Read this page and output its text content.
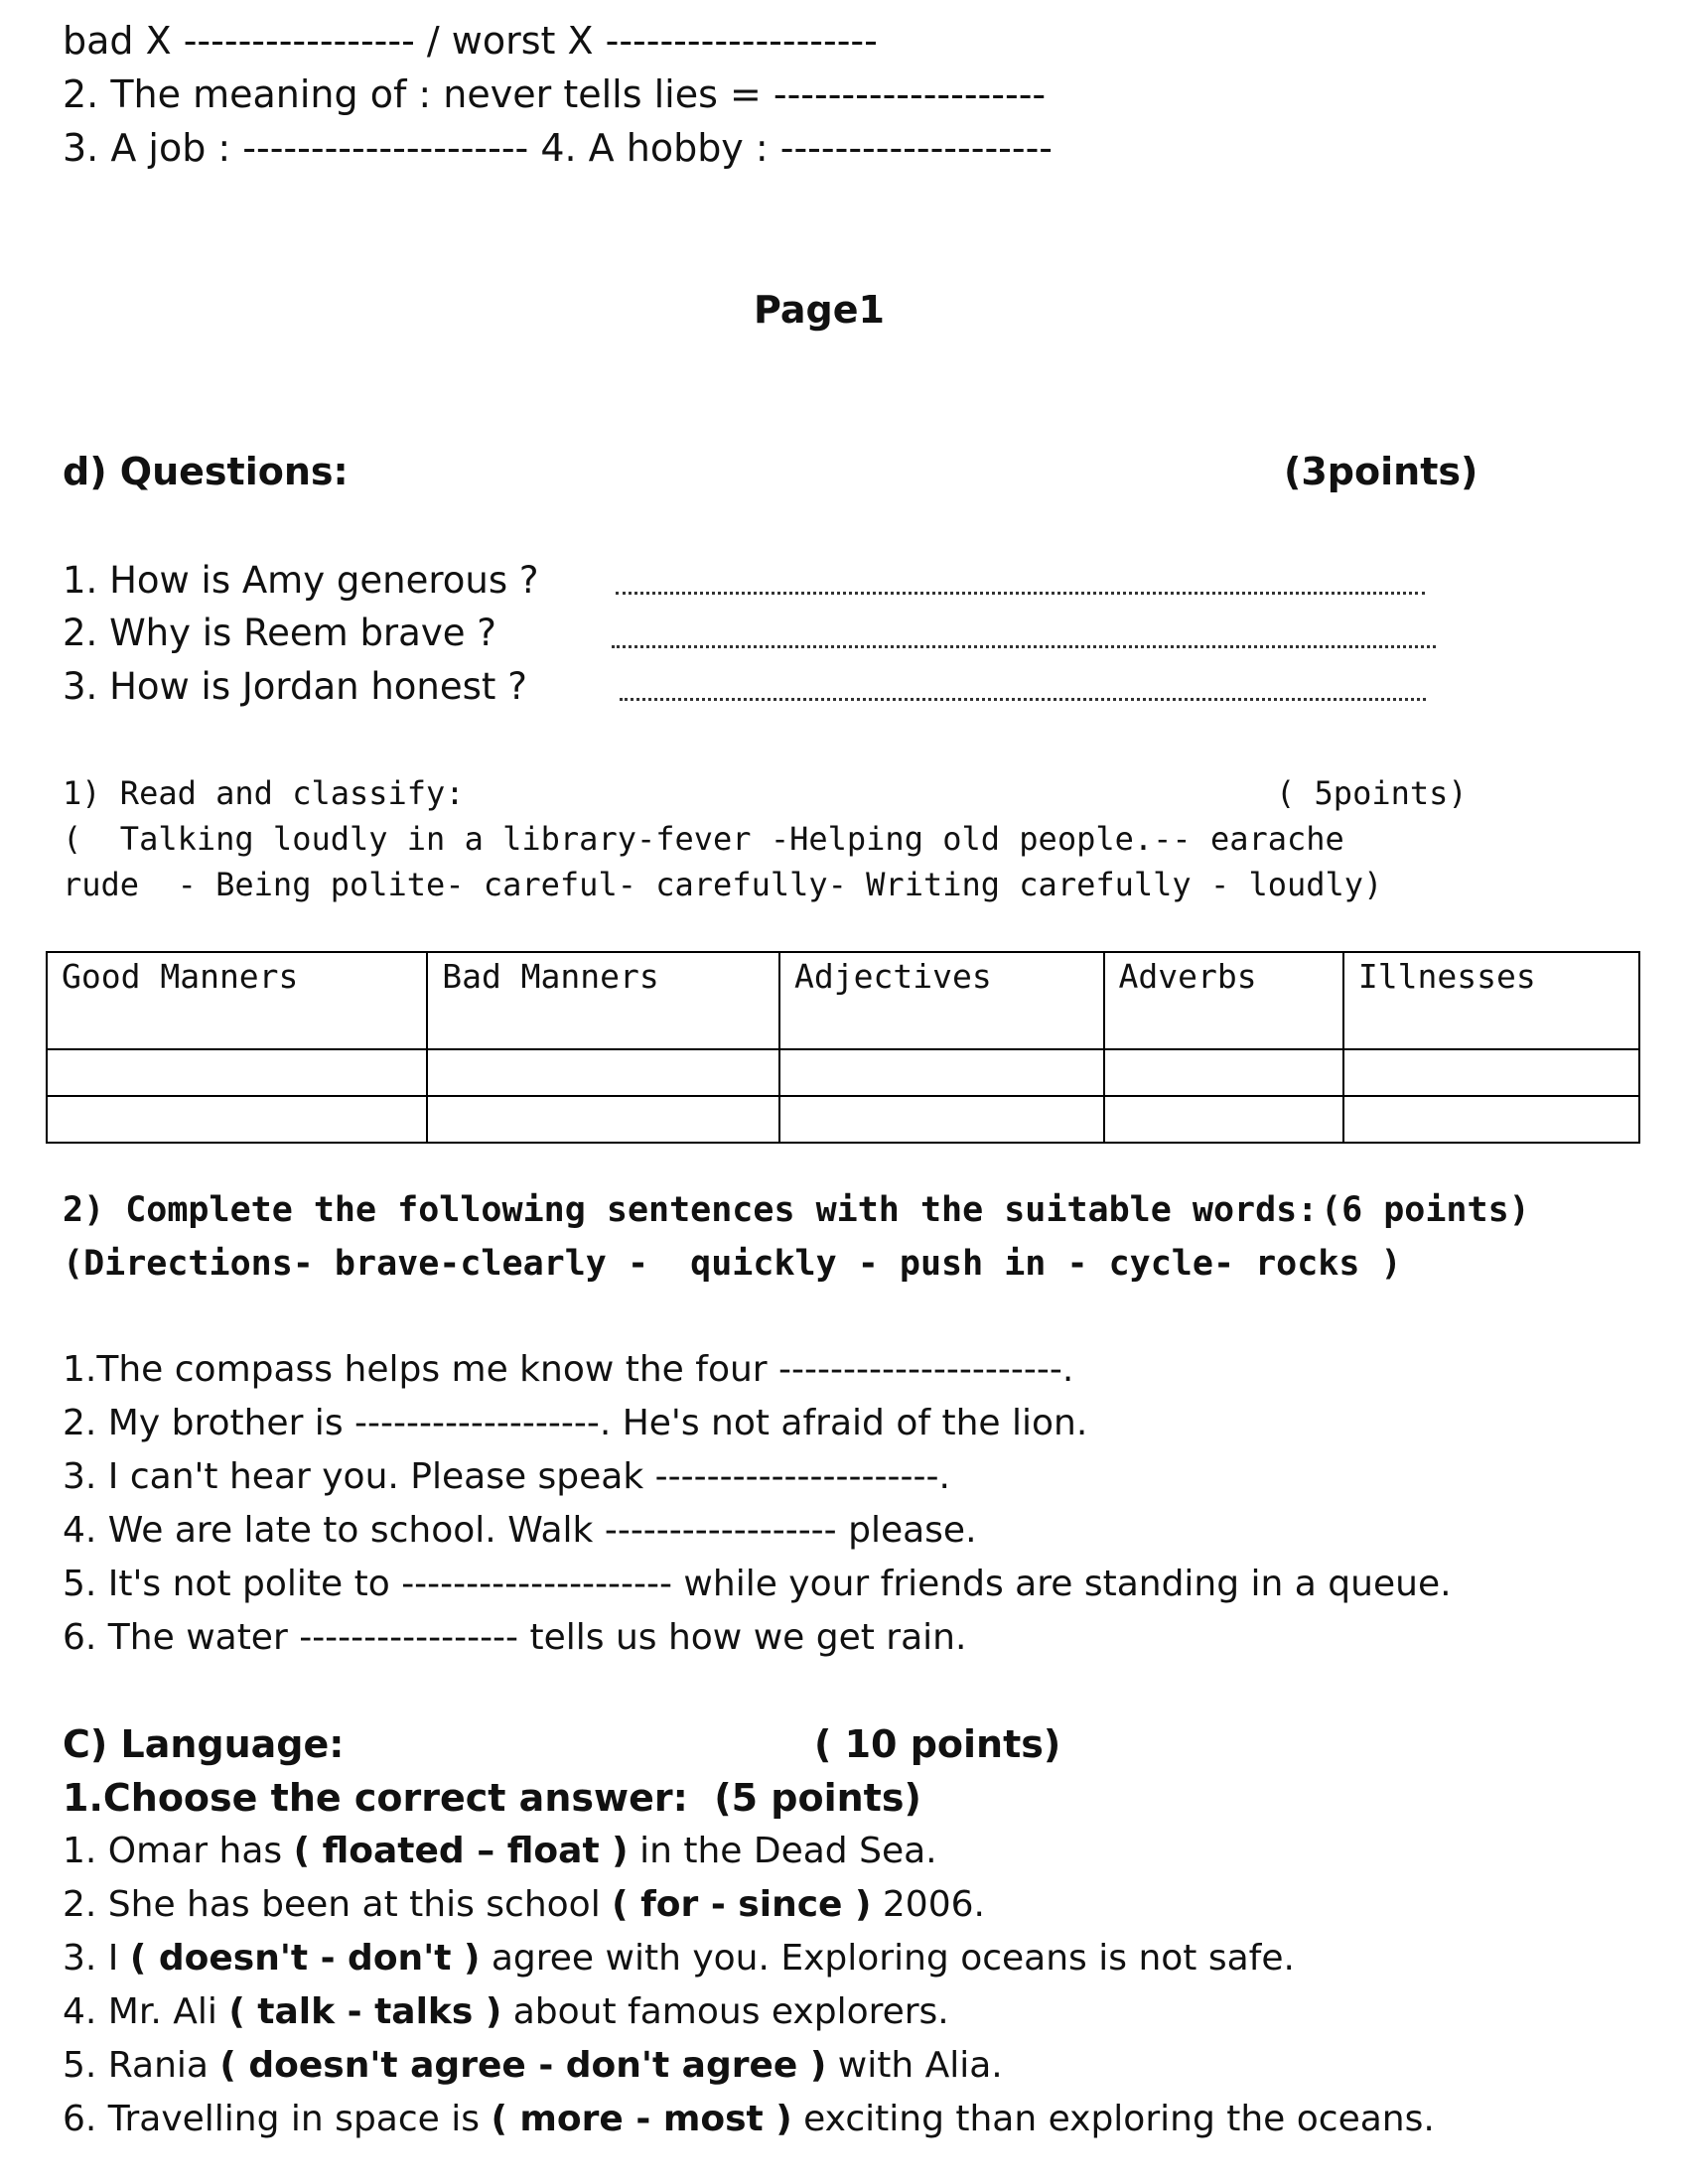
bad X ----------------- / worst X --------------------
2. The meaning of : never tells lies = --------------------
3. A job : --------------------- 4. A hobby : --------------------
Page1
d) Questions:	(3points)
1. How is Amy generous ?
2. Why is Reem brave ?
3. How is Jordan honest ?
1) Read and classify:	( 5points)
(  Talking loudly in a library-fever -Helping old people.-- earache
rude  - Being polite- careful- carefully- Writing carefully - loudly)
Good Manners	Bad Manners	Adjectives	Adverbs	Illnesses

2) Complete the following sentences with the suitable words: (6 points)
(Directions- brave-clearly -  quickly - push in - cycle- rocks )
1.The compass helps me know the four ----------------------.
2. My brother is -------------------. He's not afraid of the lion.
3. I can't hear you. Please speak ----------------------.
4. We are late to school. Walk ------------------ please.
5. It's not polite to --------------------- while your friends are standing in a queue.
6. The water ----------------- tells us how we get rain.
C) Language:	( 10 points)
1.Choose the correct answer:  (5 points)
1. Omar has ( floated – float ) in the Dead Sea.
2. She has been at this school ( for - since ) 2006.
3. I ( doesn't - don't ) agree with you. Exploring oceans is not safe.
4. Mr. Ali ( talk - talks ) about famous explorers.
5. Rania ( doesn't agree - don't agree ) with Alia.
6. Travelling in space is ( more - most ) exciting than exploring the oceans.
